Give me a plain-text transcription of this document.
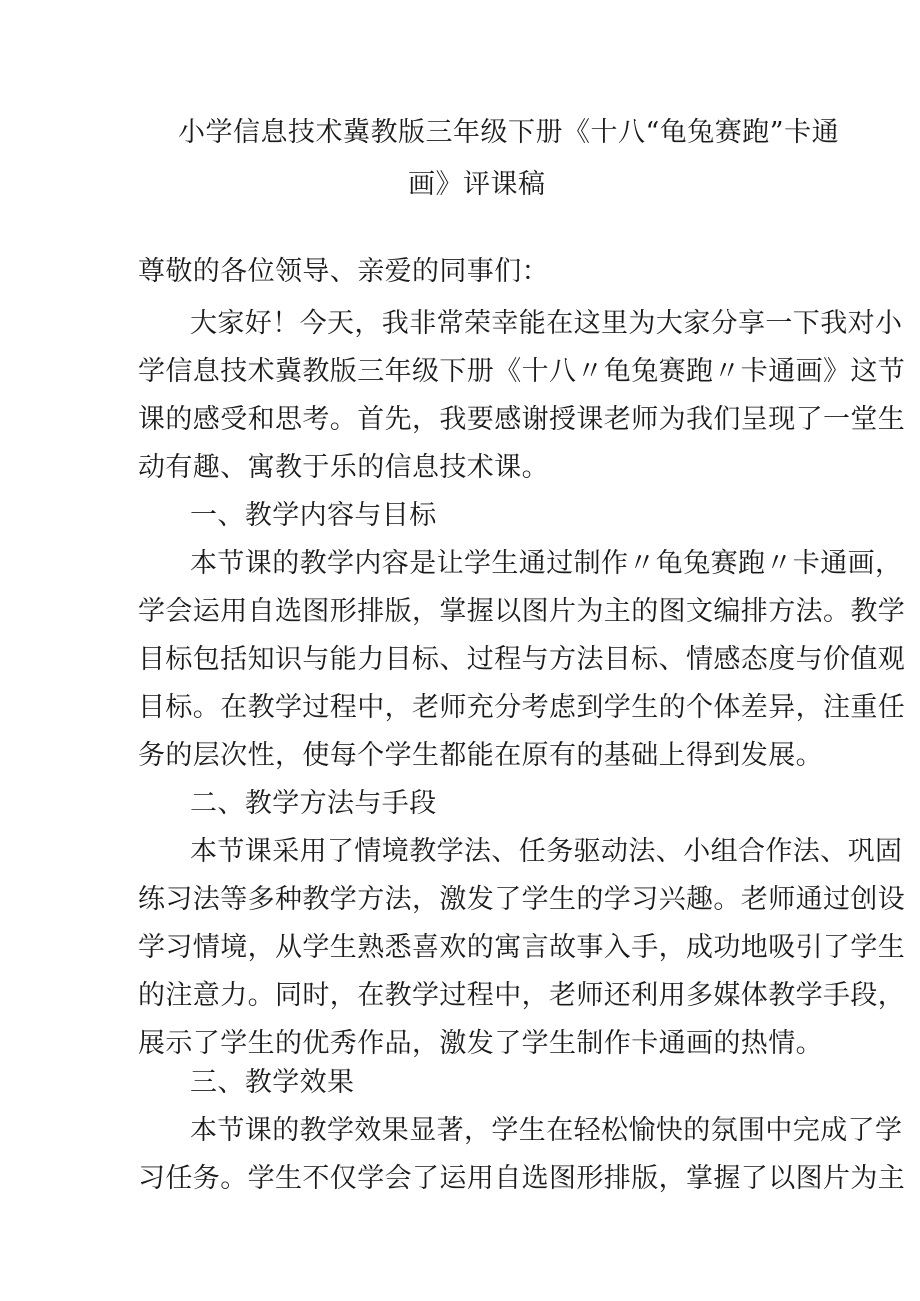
小学信息技术冀教版三年级下册《十八“龟兔赛跑”卡通
画》评课稿
尊敬的各位领导、亲爱的同事们：
大家好！今天，我非常荣幸能在这里为大家分享一下我对小
学信息技术冀教版三年级下册《十八〃龟兔赛跑〃卡通画》这节
课的感受和思考。首先，我要感谢授课老师为我们呈现了一堂生
动有趣、寓教于乐的信息技术课。
一、教学内容与目标
本节课的教学内容是让学生通过制作〃龟兔赛跑〃卡通画，
学会运用自选图形排版，掌握以图片为主的图文编排方法。教学
目标包括知识与能力目标、过程与方法目标、情感态度与价值观
目标。在教学过程中，老师充分考虑到学生的个体差异，注重任
务的层次性，使每个学生都能在原有的基础上得到发展。
二、教学方法与手段
本节课采用了情境教学法、任务驱动法、小组合作法、巩固
练习法等多种教学方法，激发了学生的学习兴趣。老师通过创设
学习情境，从学生熟悉喜欢的寓言故事入手，成功地吸引了学生
的注意力。同时，在教学过程中，老师还利用多媒体教学手段，
展示了学生的优秀作品，激发了学生制作卡通画的热情。
三、教学效果
本节课的教学效果显著，学生在轻松愉快的氛围中完成了学
习任务。学生不仅学会了运用自选图形排版，掌握了以图片为主
